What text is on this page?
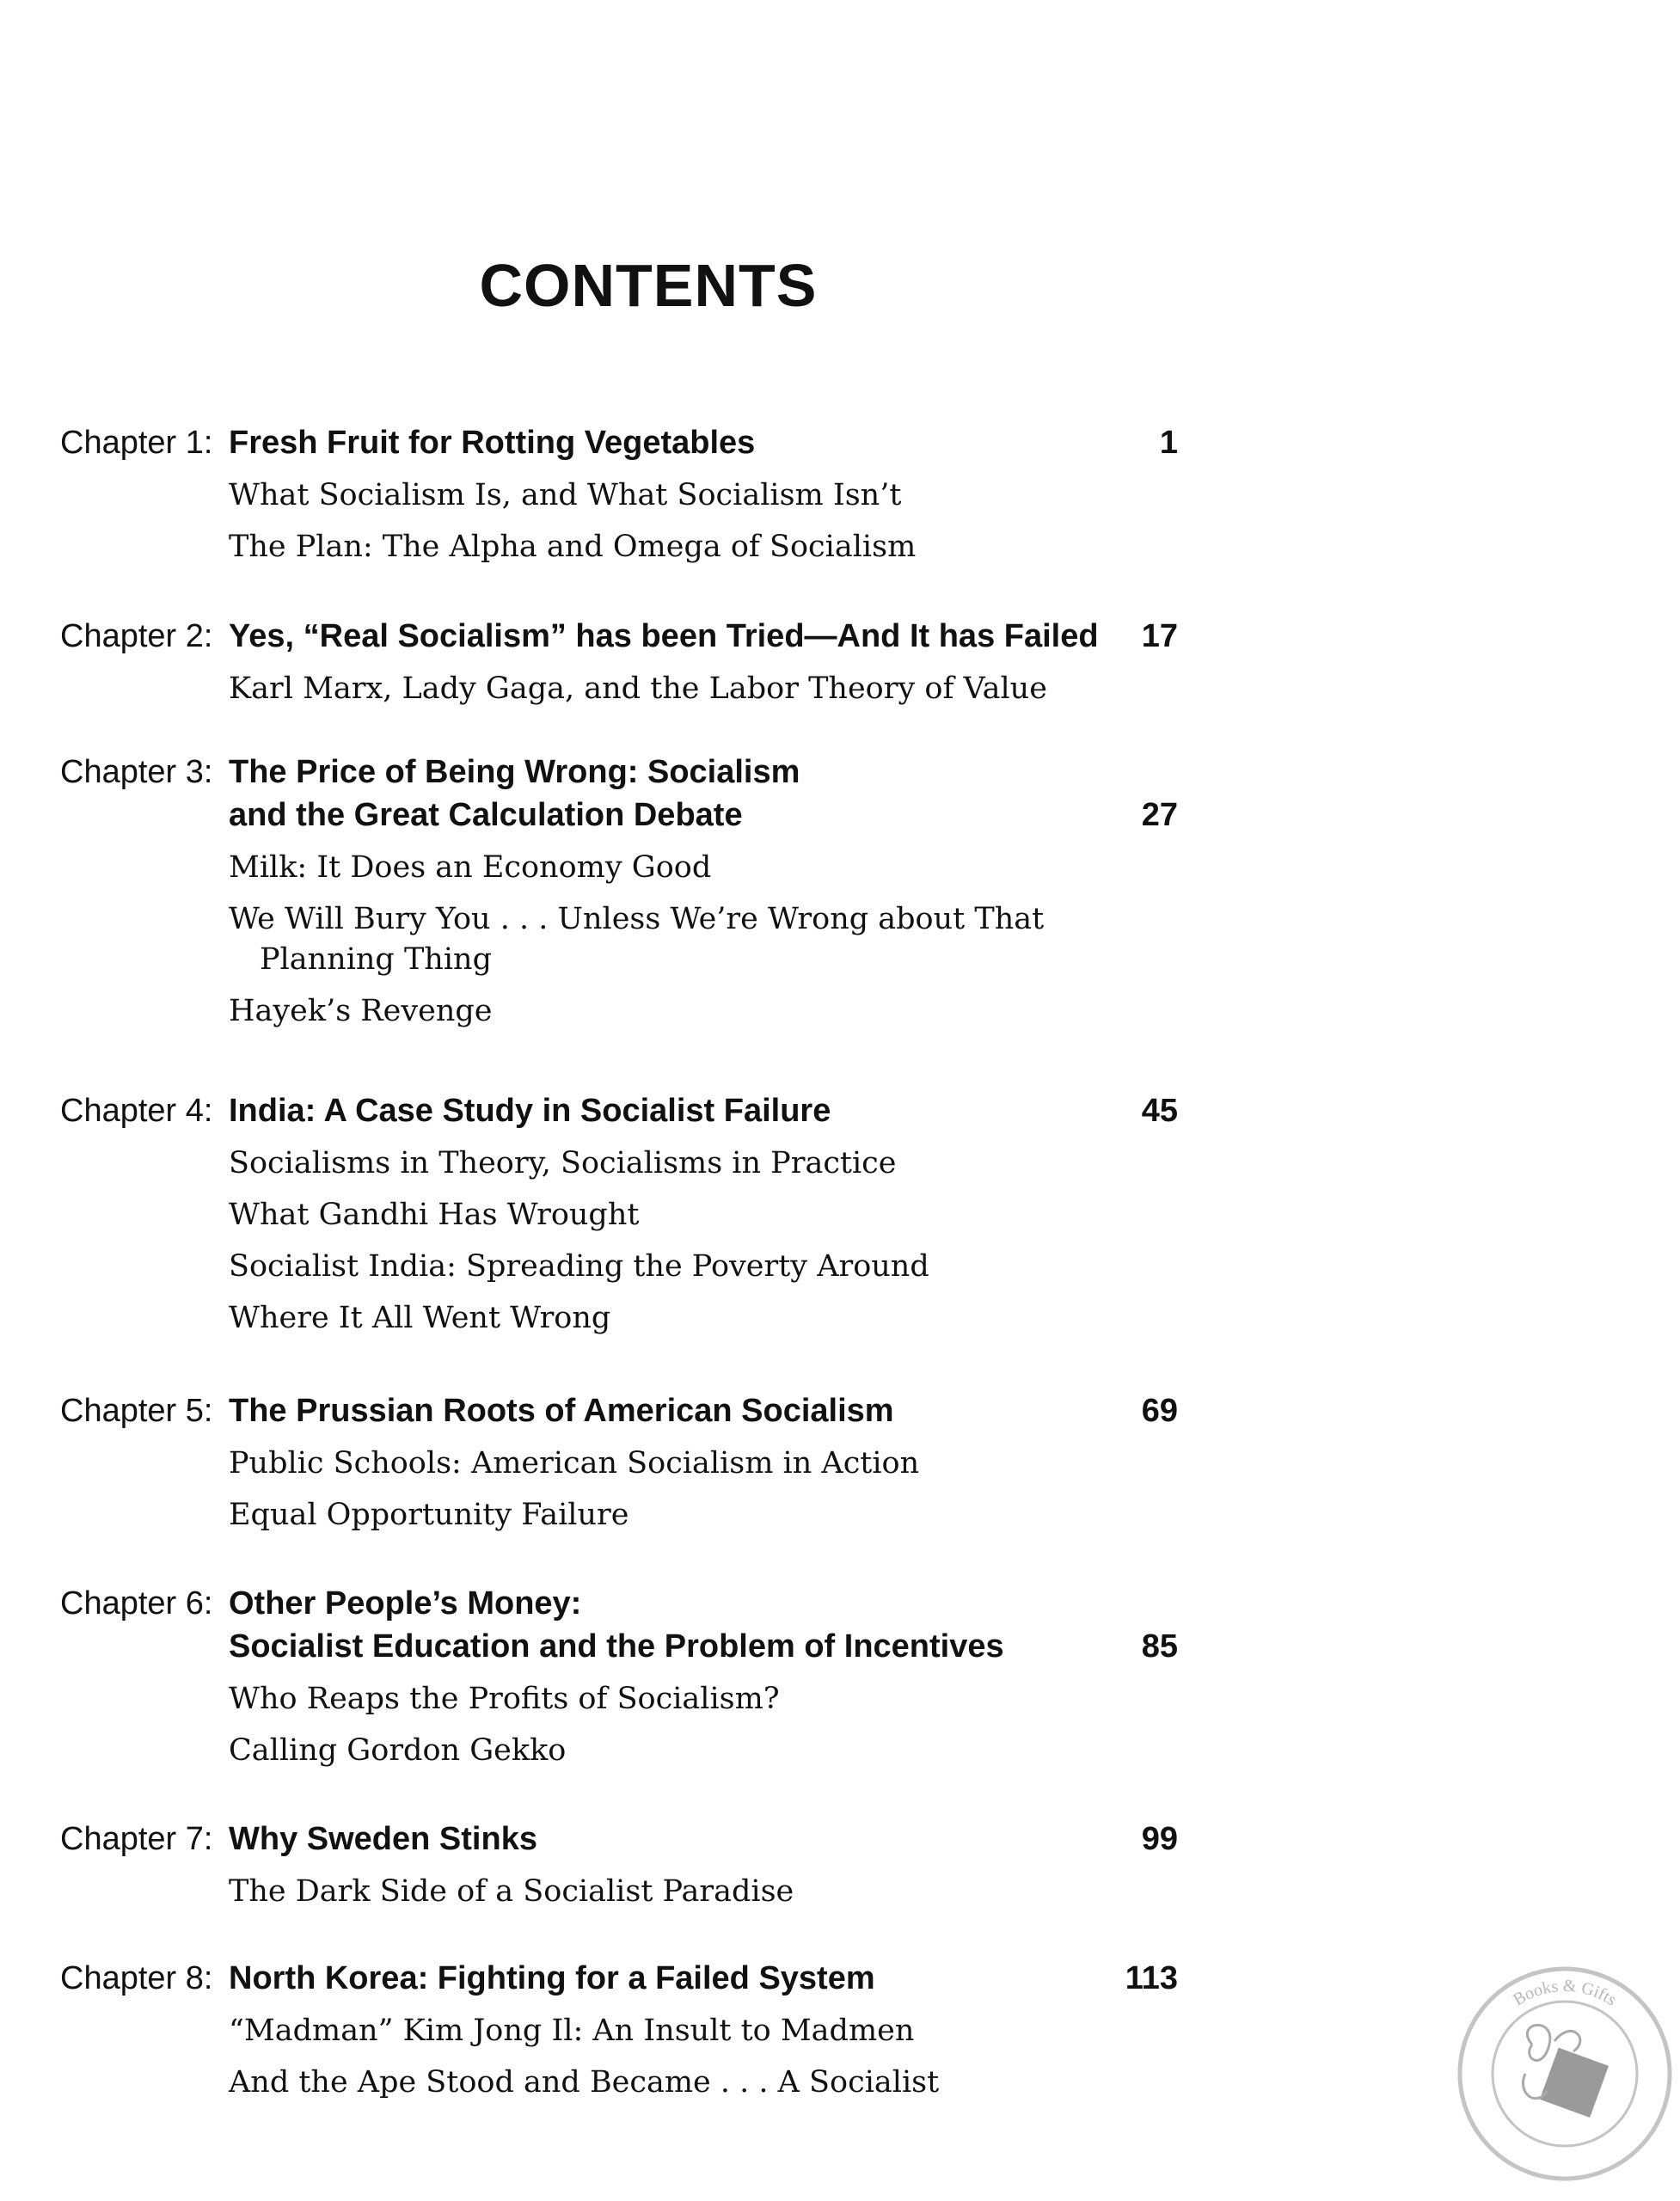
CONTENTS
Chapter 1: Fresh Fruit for Rotting Vegetables	1
What Socialism Is, and What Socialism Isn’t
The Plan: The Alpha and Omega of Socialism
Chapter 2: Yes, “Real Socialism” has been Tried—And It has Failed	17
Karl Marx, Lady Gaga, and the Labor Theory of Value
Chapter 3: The Price of Being Wrong: Socialism
and the Great Calculation Debate	27
Milk: It Does an Economy Good
We Will Bury You . . . Unless We’re Wrong about That
Planning Thing
Hayek’s Revenge
Chapter 4: India: A Case Study in Socialist Failure	45
Socialisms in Theory, Socialisms in Practice
What Gandhi Has Wrought
Socialist India: Spreading the Poverty Around
Where It All Went Wrong
Chapter 5: The Prussian Roots of American Socialism	69
Public Schools: American Socialism in Action
Equal Opportunity Failure
Chapter 6: Other People’s Money:
Socialist Education and the Problem of Incentives	85
Who Reaps the Profits of Socialism?
Calling Gordon Gekko
Chapter 7: Why Sweden Stinks	99
The Dark Side of a Socialist Paradise
Chapter 8: North Korea: Fighting for a Failed System	113
“Madman” Kim Jong Il: An Insult to Madmen
And the Ape Stood and Became . . . A Socialist
Books & Gifts
